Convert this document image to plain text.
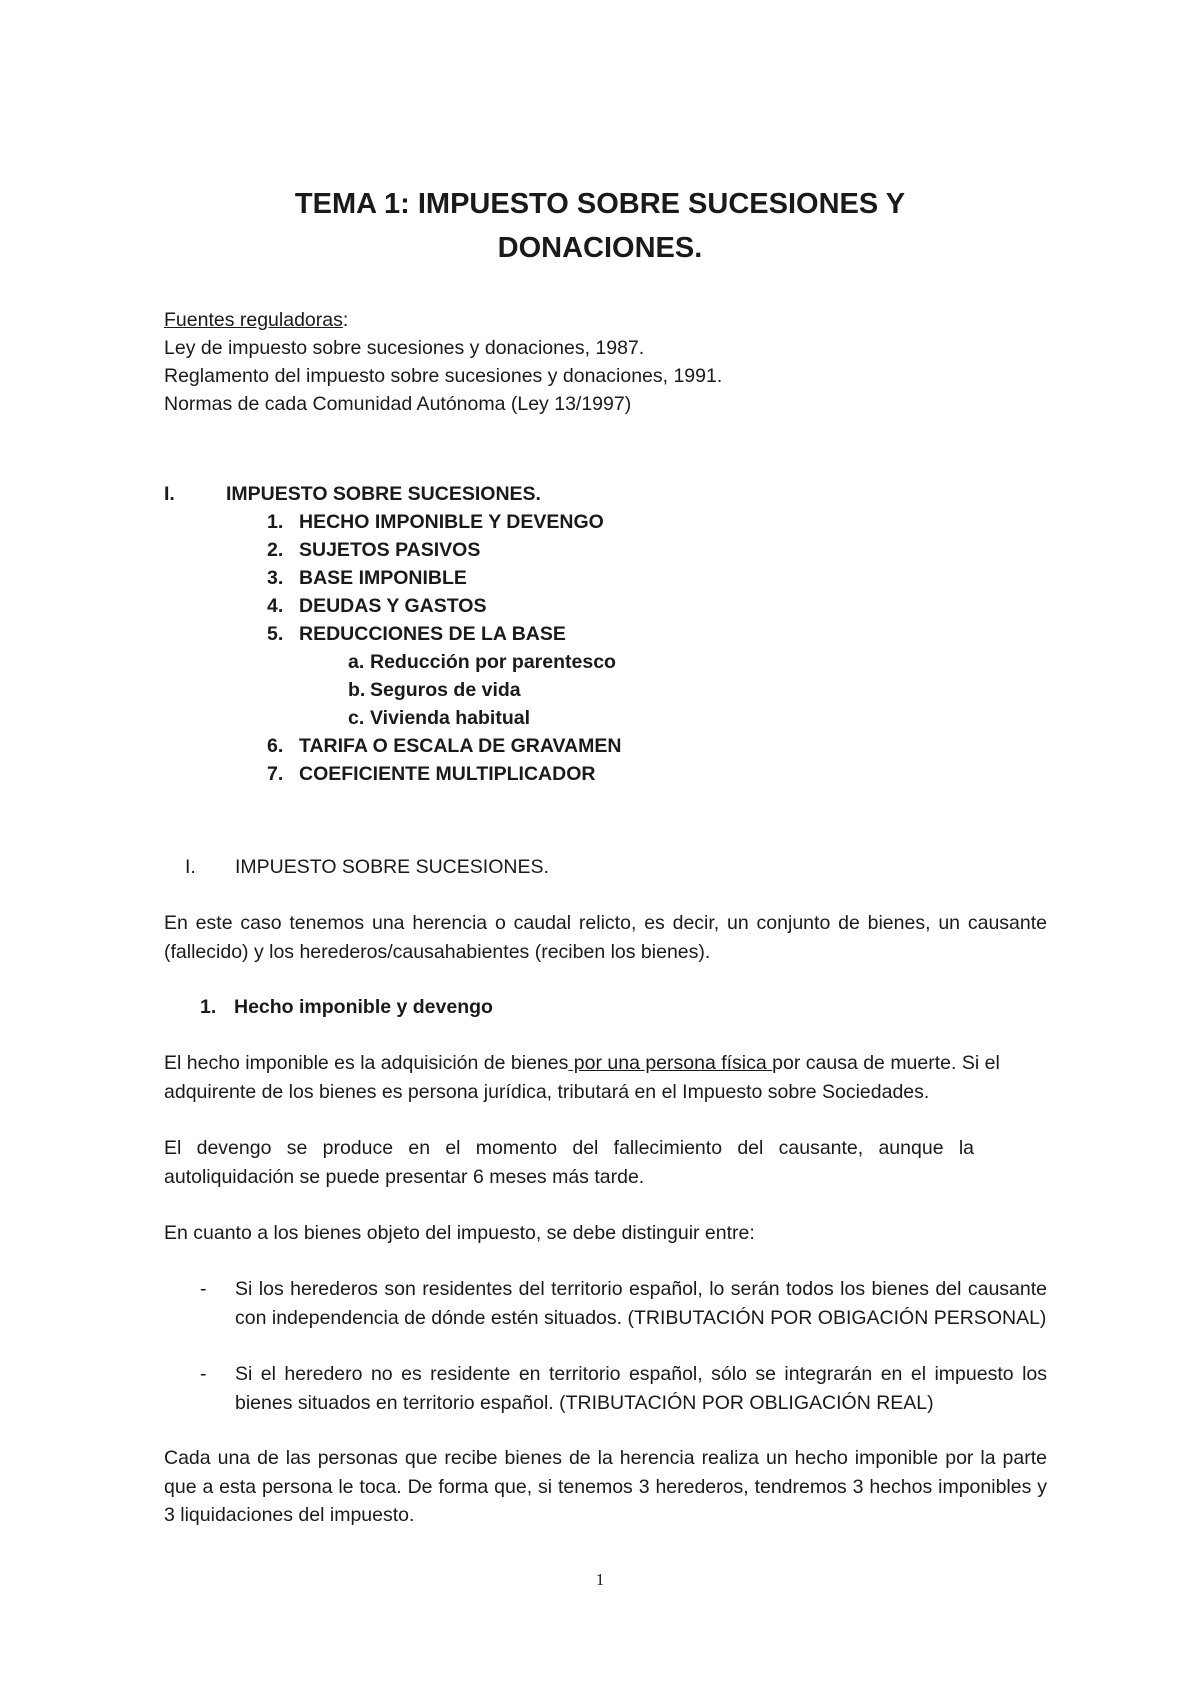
TEMA 1: IMPUESTO SOBRE SUCESIONES Y
DONACIONES.
Fuentes reguladoras:
Ley de impuesto sobre sucesiones y donaciones, 1987.
Reglamento del impuesto sobre sucesiones y donaciones, 1991.
Normas de cada Comunidad Autónoma (Ley 13/1997)
I.	IMPUESTO SOBRE SUCESIONES.
1. HECHO IMPONIBLE Y DEVENGO
2. SUJETOS PASIVOS
3. BASE IMPONIBLE
4. DEUDAS Y GASTOS
5. REDUCCIONES DE LA BASE
a. Reducción por parentesco
b. Seguros de vida
c. Vivienda habitual
6. TARIFA O ESCALA DE GRAVAMEN
7. COEFICIENTE MULTIPLICADOR
I. IMPUESTO SOBRE SUCESIONES.

En este caso tenemos una herencia o caudal relicto, es decir, un conjunto de bienes, un causante (fallecido) y los herederos/causahabientes (reciben los bienes).

1. Hecho imponible y devengo

El hecho imponible es la adquisición de bienes por una persona física por causa de muerte. Si el adquirente de los bienes es persona jurídica, tributará en el Impuesto sobre Sociedades.

El devengo se produce en el momento del fallecimiento del causante, aunque la autoliquidación se puede presentar 6 meses más tarde.

En cuanto a los bienes objeto del impuesto, se debe distinguir entre:

- Si los herederos son residentes del territorio español, lo serán todos los bienes del causante con independencia de dónde estén situados. (TRIBUTACIÓN POR OBIGACIÓN PERSONAL)

- Si el heredero no es residente en territorio español, sólo se integrarán en el impuesto los bienes situados en territorio español. (TRIBUTACIÓN POR OBLIGACIÓN REAL)

Cada una de las personas que recibe bienes de la herencia realiza un hecho imponible por la parte que a esta persona le toca. De forma que, si tenemos 3 herederos, tendremos 3 hechos imponibles y 3 liquidaciones del impuesto.

1
